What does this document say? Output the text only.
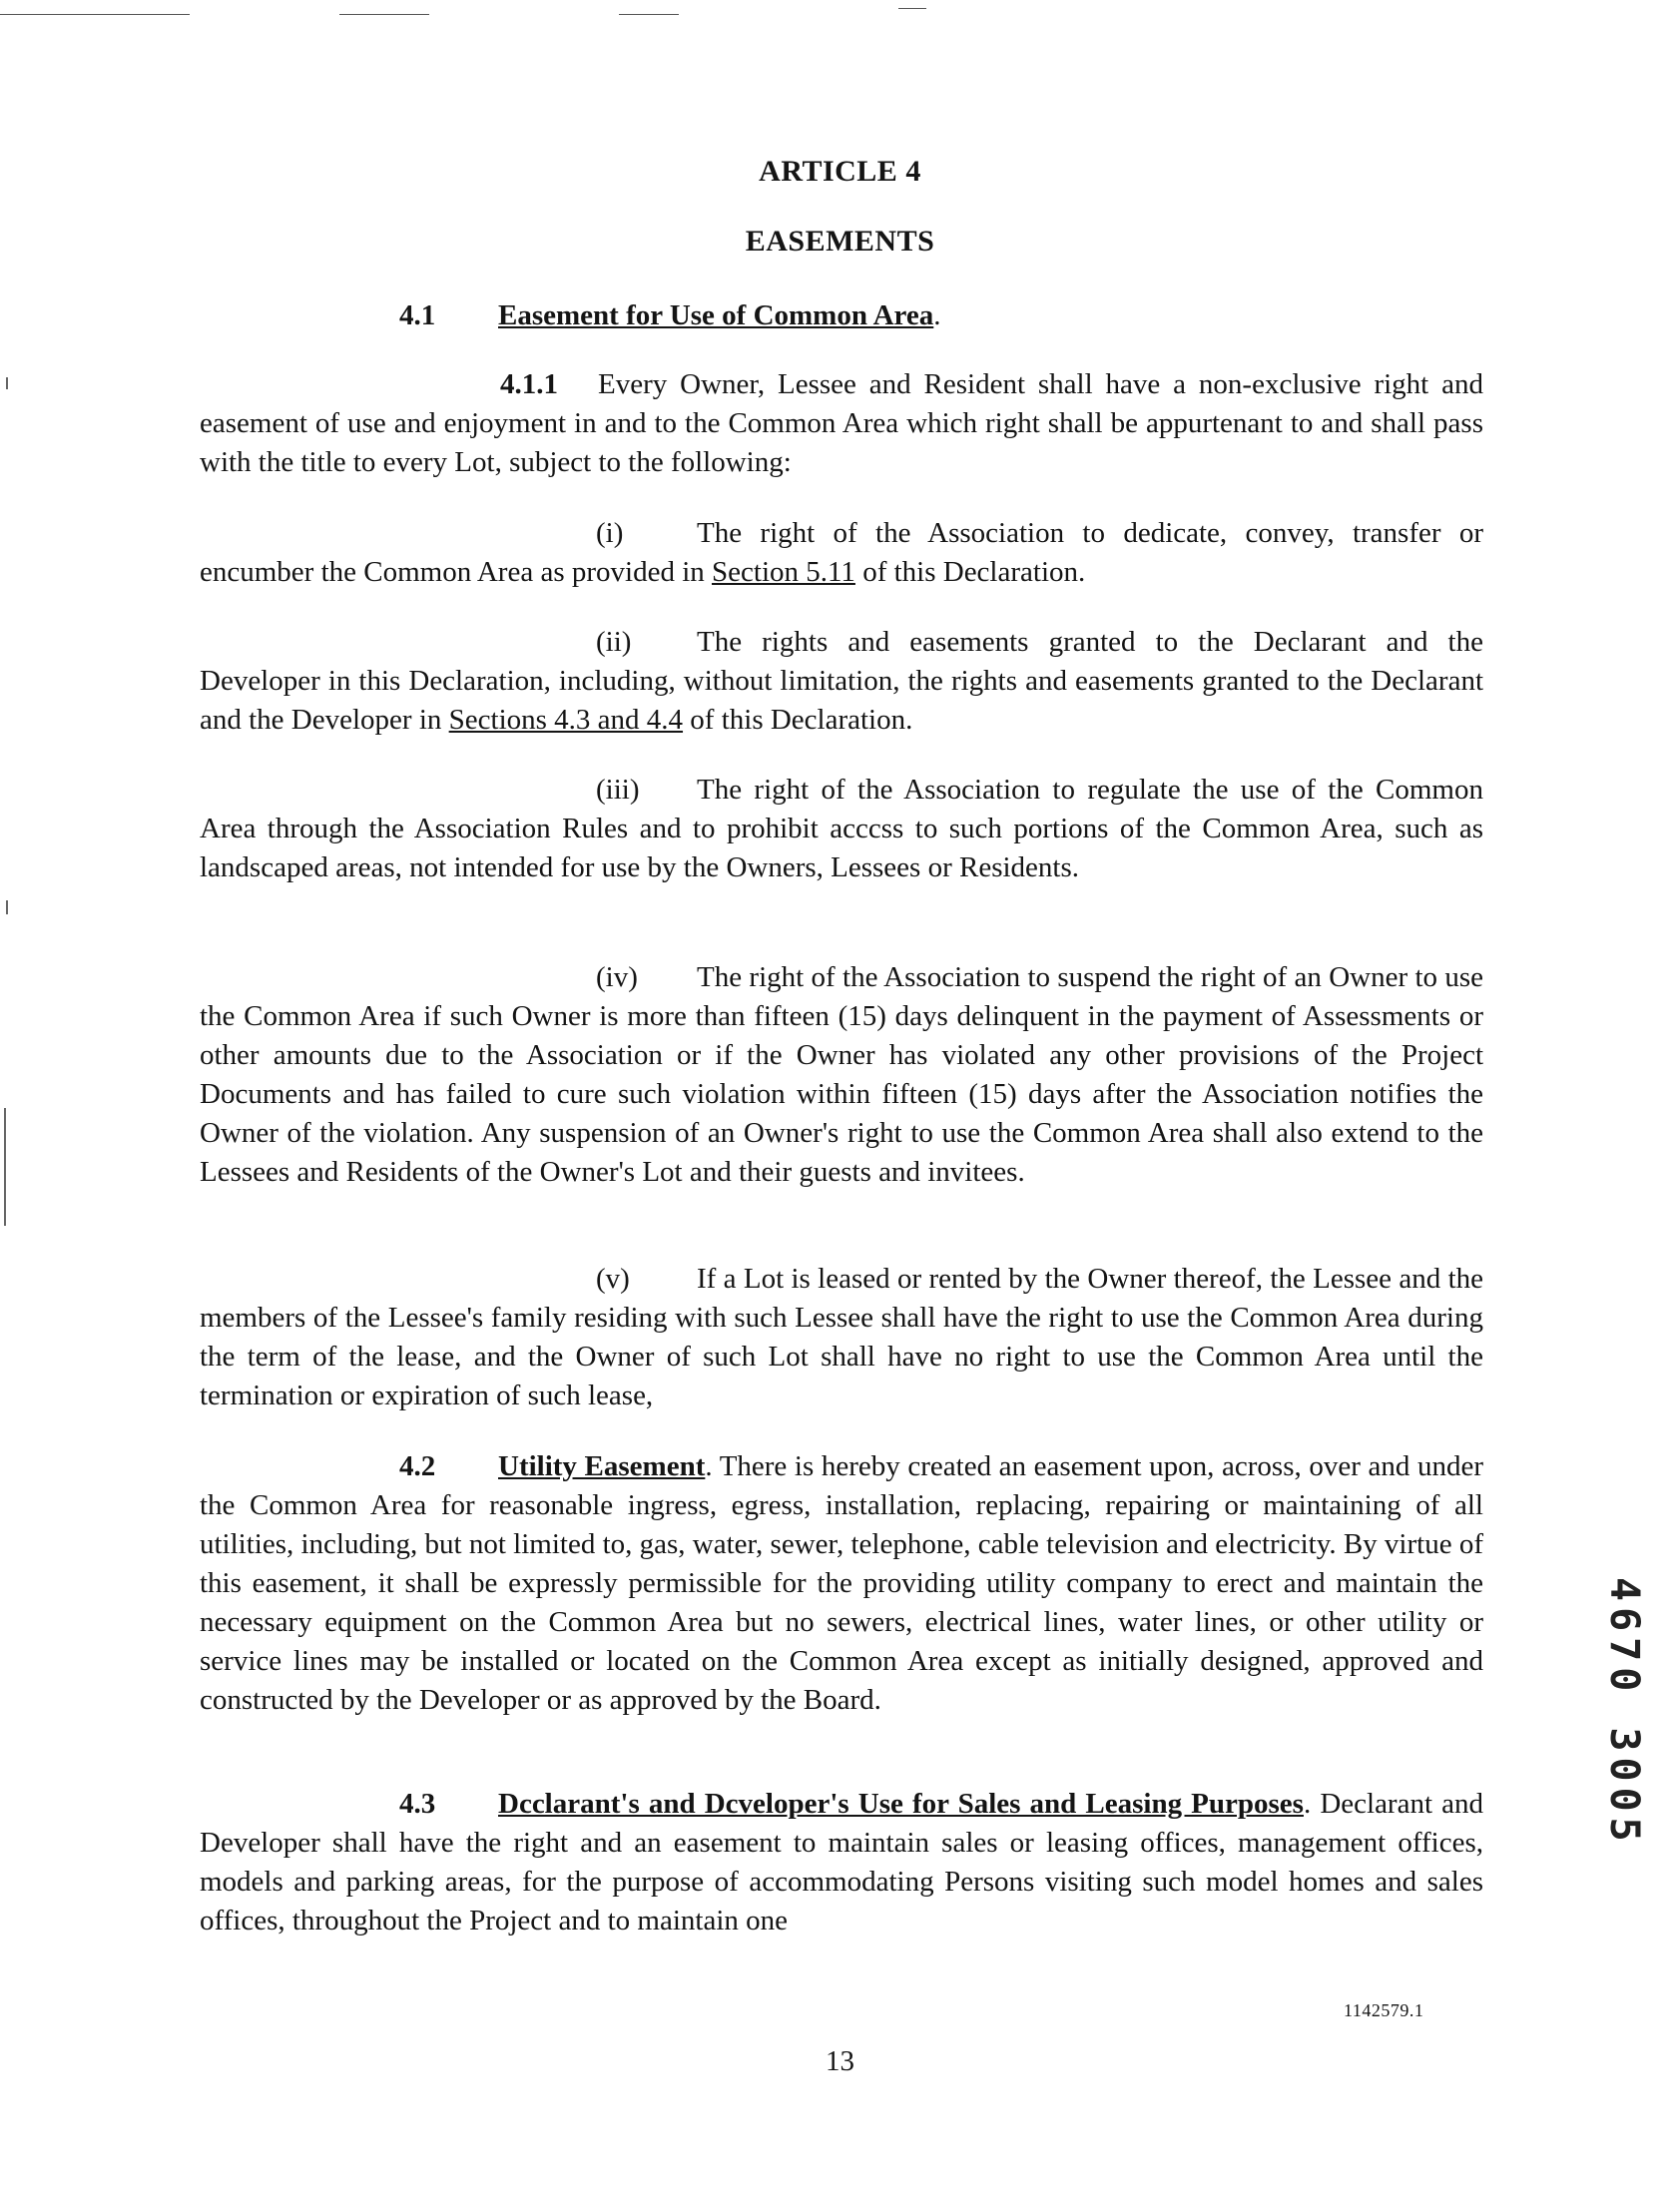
ARTICLE 4
EASEMENTS
4.1 Easement for Use of Common Area.
4.1.1 Every Owner, Lessee and Resident shall have a non-exclusive right and easement of use and enjoyment in and to the Common Area which right shall be appurtenant to and shall pass with the title to every Lot, subject to the following:
(i)	The right of the Association to dedicate, convey, transfer or encumber the Common Area as provided in Section 5.11 of this Declaration.
(ii) The rights and easements granted to the Declarant and the Developer in this Declaration, including, without limitation, the rights and easements granted to the Declarant and the Developer in Sections 4.3 and 4.4 of this Declaration.
(iii) The right of the Association to regulate the use of the Common Area through the Association Rules and to prohibit acccss to such portions of the Common Area, such as landscaped areas, not intended for use by the Owners, Lessees or Residents.
(iv) The right of the Association to suspend the right of an Owner to use the Common Area if such Owner is more than fifteen (15) days delinquent in the payment of Assessments or other amounts due to the Association or if the Owner has violated any other provisions of the Project Documents and has failed to cure such violation within fifteen (15) days after the Association notifies the Owner of the violation. Any suspension of an Owner's right to use the Common Area shall also extend to the Lessees and Residents of the Owner's Lot and their guests and invitees.
(v) If a Lot is leased or rented by the Owner thereof, the Lessee and the members of the Lessee's family residing with such Lessee shall have the right to use the Common Area during the term of the lease, and the Owner of such Lot shall have no right to use the Common Area until the termination or expiration of such lease,
4.2 Utility Easement. There is hereby created an easement upon, across, over and under the Common Area for reasonable ingress, egress, installation, replacing, repairing or maintaining of all utilities, including, but not limited to, gas, water, sewer, telephone, cable television and electricity. By virtue of this easement, it shall be expressly permissible for the providing utility company to erect and maintain the necessary equipment on the Common Area but no sewers, electrical lines, water lines, or other utility or service lines may be installed or located on the Common Area except as initially designed, approved and constructed by the Developer or as approved by the Board.
4.3 Dcclarant's and Dcveloper's Use for Sales and Leasing Purposes. Declarant and Developer shall have the right and an easement to maintain sales or leasing offices, management offices, models and parking areas, for the purpose of accommodating Persons visiting such model homes and sales offices, throughout the Project and to maintain one
1142579.1
13
4670 3005
